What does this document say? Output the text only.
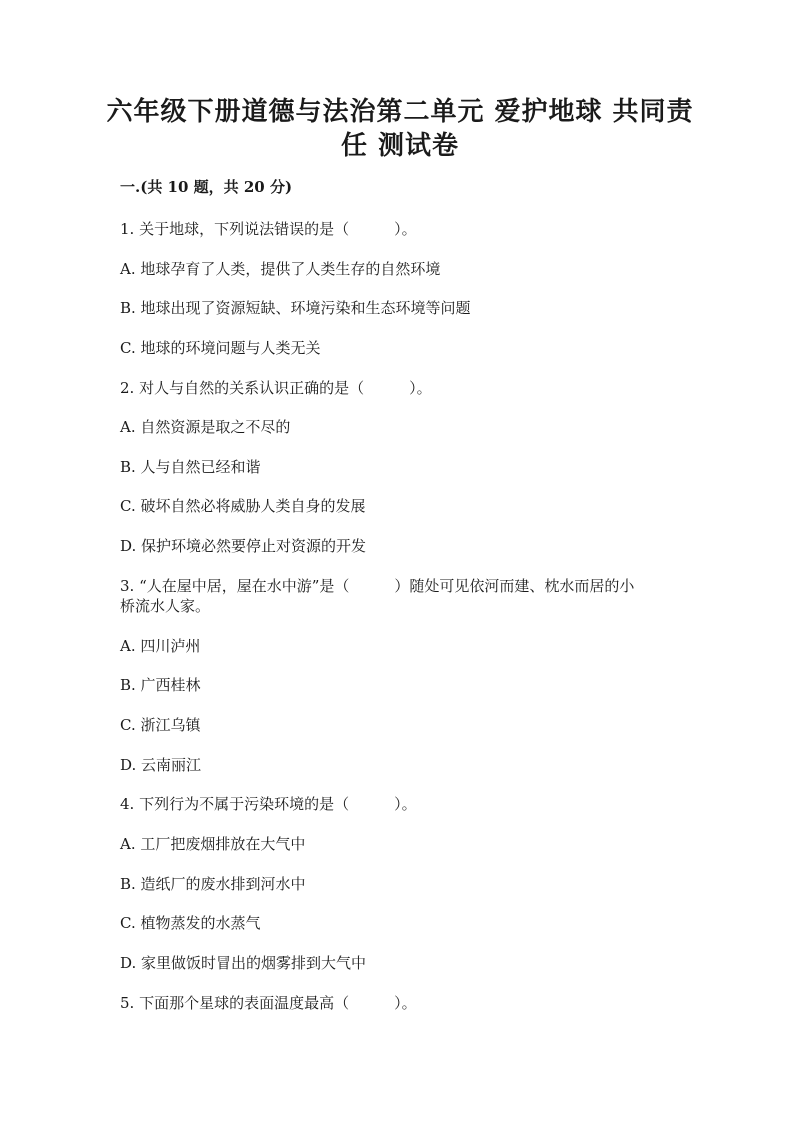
六年级下册道德与法治第二单元 爱护地球 共同责
任 测试卷

一.(共 10 题，共 20 分)

1. 关于地球，下列说法错误的是（　　　）。

A. 地球孕育了人类，提供了人类生存的自然环境

B. 地球出现了资源短缺、环境污染和生态环境等问题

C. 地球的环境问题与人类无关

2. 对人与自然的关系认识正确的是（　　　）。

A. 自然资源是取之不尽的

B. 人与自然已经和谐

C. 破坏自然必将威胁人类自身的发展

D. 保护环境必然要停止对资源的开发

3. “人在屋中居，屋在水中游”是（　　　）随处可见依河而建、枕水而居的小

桥流水人家。

A. 四川泸州

B. 广西桂林

C. 浙江乌镇

D. 云南丽江

4. 下列行为不属于污染环境的是（　　　）。

A. 工厂把废烟排放在大气中

B. 造纸厂的废水排到河水中

C. 植物蒸发的水蒸气

D. 家里做饭时冒出的烟雾排到大气中

5. 下面那个星球的表面温度最高（　　　）。
